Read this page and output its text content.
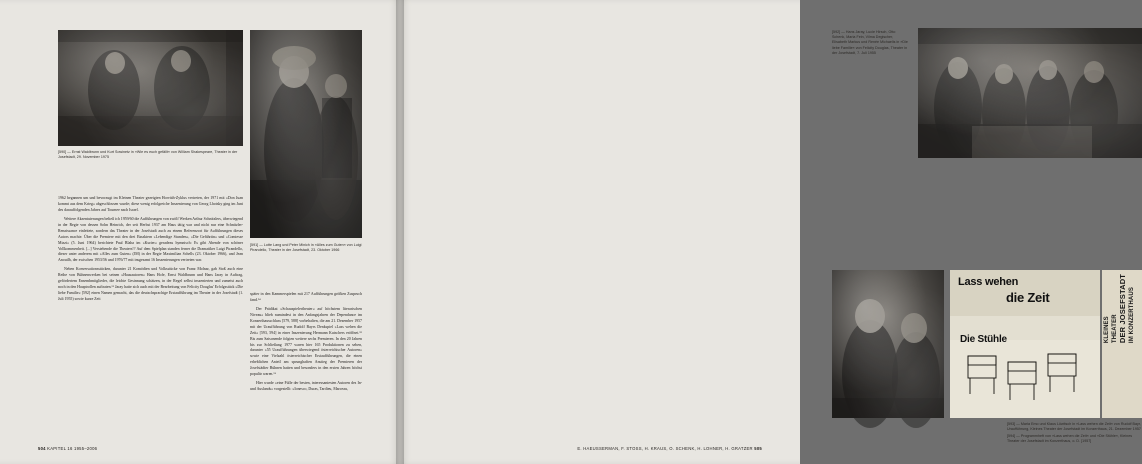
[590] — Ernst Waldbrunn und Kurt Sowinetz in »Wie es euch gefällt« von William Shakespeare, Theater in der Josefstadt, 29. November 1975
[591] — Lotte Lang und Peter Minich in »Alles zum Guten« von Luigi Pirandello, Theater in der Josefstadt, 23. Oktober 1966

1962 begannen um und bevorzugt im Kleinen Theater gezeigten Horváth-Zyklus vertreten, der 1971 mit »Don Juan kommt aus dem Krieg« abgeschlossen wurde; diese wenig erfolgreiche Inszenierung von Georg Lhotsky ging im Juni des darauffolgenden Jahres auf Tournee nach Israel.

Weitere Akzentuierungen beließ ich 1959/60 die Aufführungen von zwölf Werken Arthur Schnitzlers, überwiegend in der Regie von dessen Sohn Heinrich, der seit Herbst 1937 am Haus tätig war und nicht nur eine Schnitzler-Renaissance einleitete, sondern das Theater in der Josefstadt auch zu einem Referenzort für Aufführungen dieses Autors machte. Über die Premiere mit den drei Einaktern »Lebendige Stunden«, »Die Gefährtin« und »Comtesse Mizzi« (5. Juni 1964) berichtete Paul Blaha im »Kurier« geradezu hymnisch: Es gibt Abende von schöner Vollkommenheit. [...] Verstehende die Theaters!? Auf dem Spielplan standen ferner die Dramatiker Luigi Pirandello, dieser unter anderem mit »Alles zum Guten« (JM) in der Regie Maximilian Schells (23. Oktober 1966), und Jean Anouilh, der zwischen 1953/56 und 1976/77 mit insgesamt 16 Inszenierungen vertreten war.

Neben Konversationsstücken, darunter 21 Komödien und Volksstücke von Franz Molnar, gab Stoß auch eine Reihe von Bühnenwerken bei seinen »Hausautoren« Hans Hofe, Ernst Waldbrunn und Hans Jaray in Auftrag, gefördertem Ensembmitglieder, die leichte Gesinnung schätzen, in der Regel selbst inszenierten und zumeist auch noch in den Hauptrollen auftraten.⁹³ Jaray hatte sich auch mit der Bearbeitung von Felicity Douglas' Erfolgsstück »Die liebe Familie« [592] einen Namen gemacht, das die deutschsprachige Erstaufführung im Theater in der Josefstadt (1. Juli 1955) sowie kurze Zeit

später in den Kammerspielen mit 217 Aufführungen größten Zuspruch fand.⁹⁴

Der Prädikat »Schauspielertheater« auf höchstem literarischen Niveau« blieb numindest in den Anfangsjahren der Dependance im Konzerthausschluss [579, 588] vorbehalten, die am 21. Dezember 1957 mit der Uraufführung von Rudolf Bayrs Denkspiel »Lass wehen die Zeit« [593, 594] in einer Inszenierung Hermann Kutschers eröffnet.⁹⁵ Bis zum Saisonende folgten weitere sechs Premieren. In den 20 Jahren bis zur Schließung 1977 waren hier 165 Produktionen zu sehen, darunter »55 Uraufführungen überwiegend österreichischer Autoren« sowie eine Vielzahl österreichischer Erstaufführungen, die einen erheblichen Anteil am sprunghaften Anstieg der Premieren der Josefstädter Bühnen hatten und besonders in den ersten Jahren höchst populär waren.⁹⁶

Hier wurde »eine Fülle der besten, interessantesten Autoren des In- und Auslands« vorgestellt: »Ionesco, Duras, Tardieu, Marceau,

504 KAPITEL 16 1955–2006
[592] — Hans Jaray, Lucie Hirsch, Otto Schenk, Maria Fein, Vilma Degischer, Elisabeth Markus und Renée Michaelis in »Die liebe Familie« von Felicity Douglas, Theater in der Josefstadt, 7. Juli 1955
Lass wehen
die Zeit
Die Stühle	KLEINES THEATER DER JOSEFSTADT IM KONZERTHAUS
[593] — Maria Emo und Klaus Löwitsch in »Lass wehen die Zeit« von Rudolf Bayr, Uraufführung, Kleines Theater der Josefstadt im Konzerthaus, 21. Dezember 1957
[594] — Programmheft von »Lass wehen die Zeit« und »Die Stühle«, Kleines Theater der Josefstadt im Konzerthaus, o. D. [1957]
E. HAEUSSERMAN, F. STOSS, H. KRAUS, O. SCHENK, H. LOHNER, H. GRATZER 505
